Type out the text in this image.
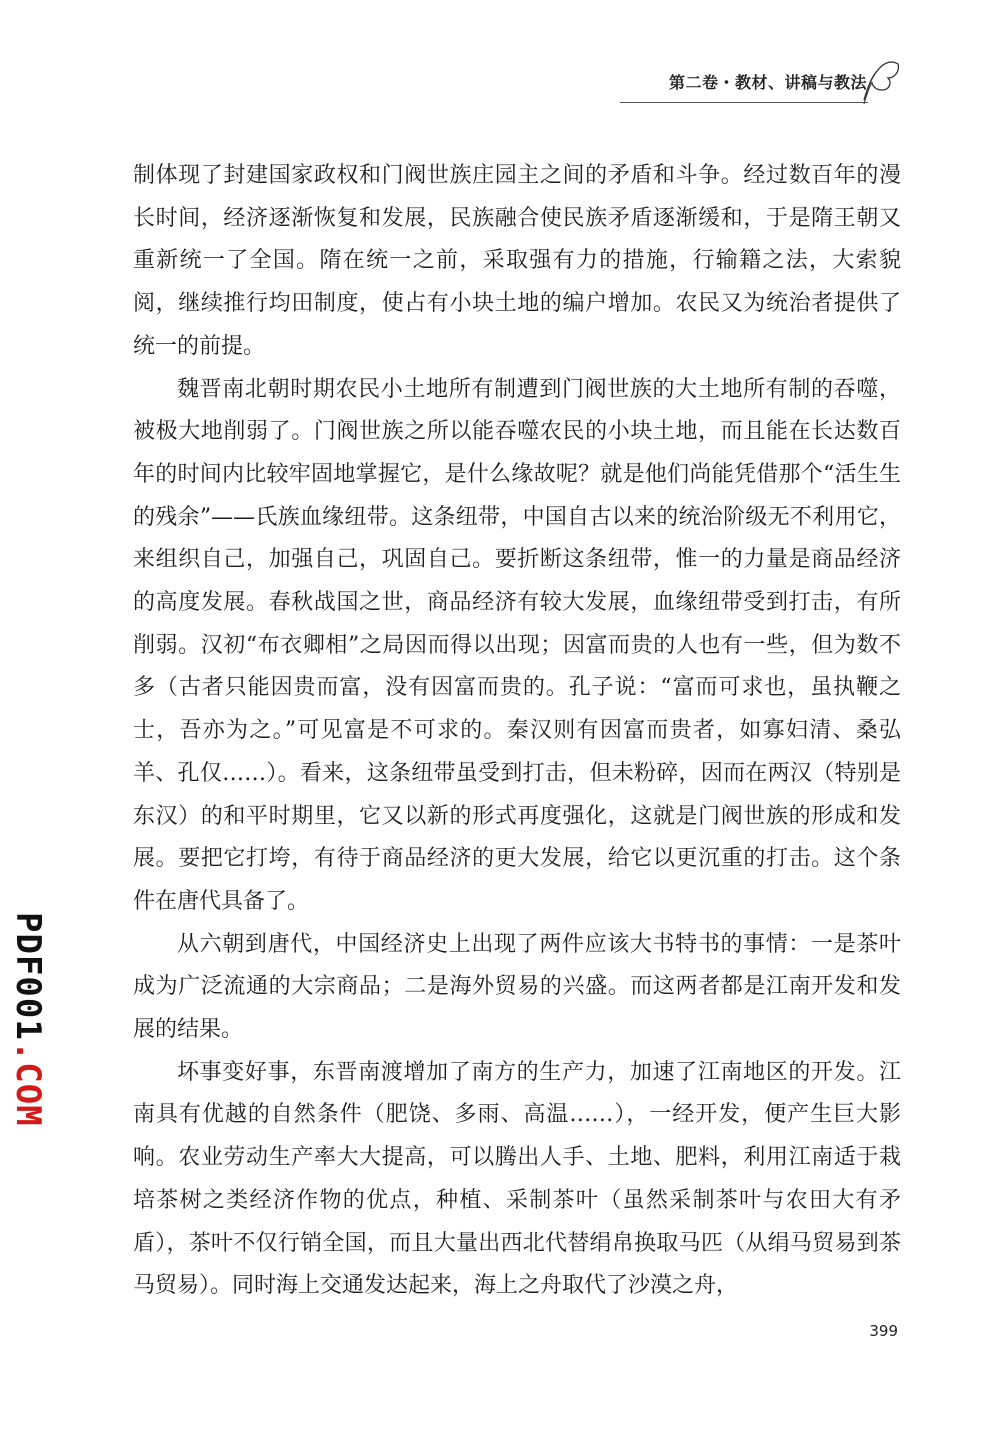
第二卷・教材、讲稿与教法

制体现了封建国家政权和门阀世族庄园主之间的矛盾和斗争。经过数百年的漫长时间，经济逐渐恢复和发展，民族融合使民族矛盾逐渐缓和，于是隋王朝又重新统一了全国。隋在统一之前，采取强有力的措施，行输籍之法，大索貌阅，继续推行均田制度，使占有小块土地的编户增加。农民又为统治者提供了统一的前提。

魏晋南北朝时期农民小土地所有制遭到门阀世族的大土地所有制的吞噬，被极大地削弱了。门阀世族之所以能吞噬农民的小块土地，而且能在长达数百年的时间内比较牢固地掌握它，是什么缘故呢？就是他们尚能凭借那个“活生生的残余”——氏族血缘纽带。这条纽带，中国自古以来的统治阶级无不利用它，来组织自己，加强自己，巩固自己。要折断这条纽带，惟一的力量是商品经济的高度发展。春秋战国之世，商品经济有较大发展，血缘纽带受到打击，有所削弱。汉初“布衣卿相”之局因而得以出现；因富而贵的人也有一些，但为数不多（古者只能因贵而富，没有因富而贵的。孔子说：“富而可求也，虽执鞭之士，吾亦为之。”可见富是不可求的。秦汉则有因富而贵者，如寡妇清、桑弘羊、孔仅……）。看来，这条纽带虽受到打击，但未粉碎，因而在两汉（特别是东汉）的和平时期里，它又以新的形式再度强化，这就是门阀世族的形成和发展。要把它打垮，有待于商品经济的更大发展，给它以更沉重的打击。这个条件在唐代具备了。

从六朝到唐代，中国经济史上出现了两件应该大书特书的事情：一是茶叶成为广泛流通的大宗商品；二是海外贸易的兴盛。而这两者都是江南开发和发展的结果。

坏事变好事，东晋南渡增加了南方的生产力，加速了江南地区的开发。江南具有优越的自然条件（肥饶、多雨、高温……），一经开发，便产生巨大影响。农业劳动生产率大大提高，可以腾出人手、土地、肥料，利用江南适于栽培茶树之类经济作物的优点，种植、采制茶叶（虽然采制茶叶与农田大有矛盾），茶叶不仅行销全国，而且大量出西北代替绢帛换取马匹（从绢马贸易到茶马贸易）。同时海上交通发达起来，海上之舟取代了沙漠之舟，

399
PDF001.COM
